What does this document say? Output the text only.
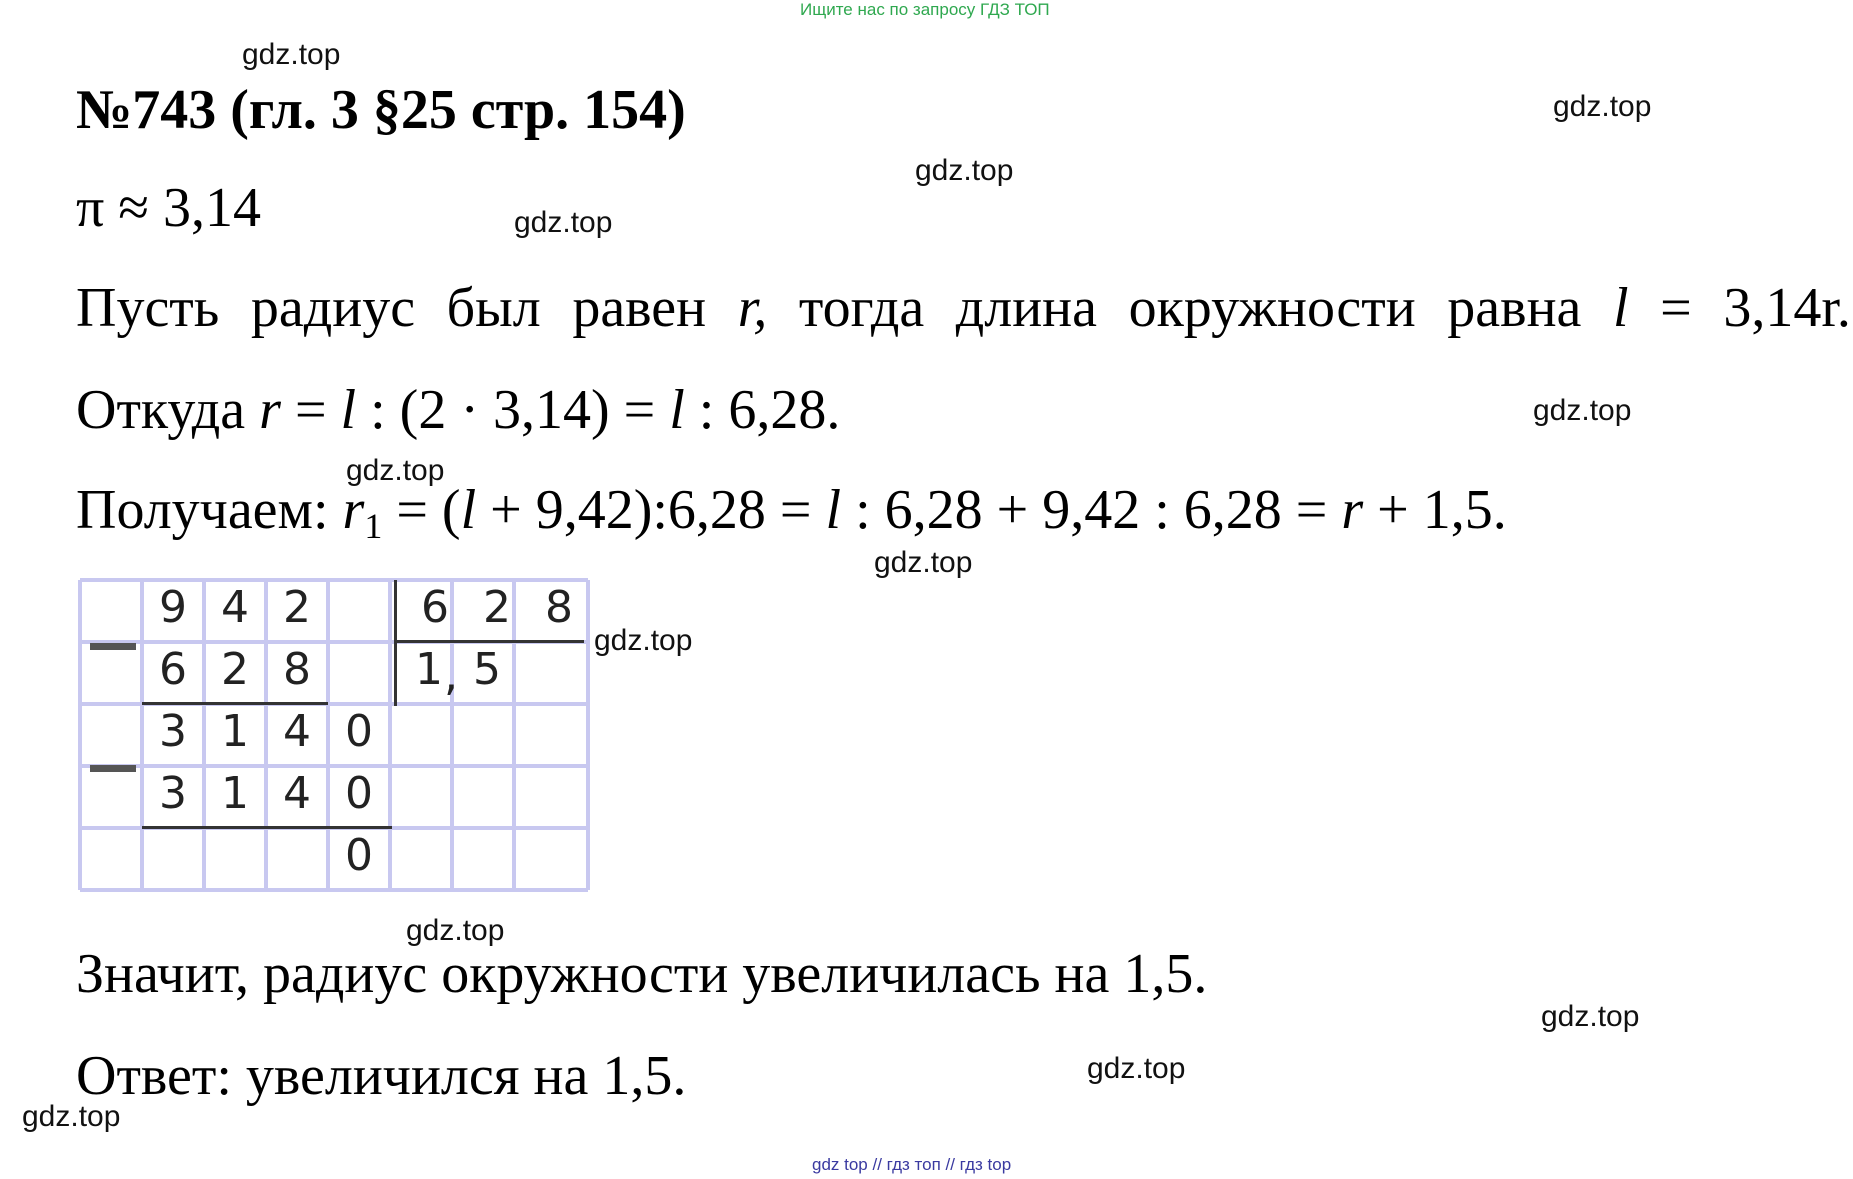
Ищите нас по запросу ГДЗ ТОП
№743 (гл. 3 §25 стр. 154)
π ≈ 3,14
Пусть радиус был равен r, тогда длина окружности равна l = 3,14r.
Откуда r = l : (2 · 3,14) = l : 6,28.
Получаем: $r_1 = (l$ + 9,42):6,28 = l : 6,28 + 9,42 : 6,28 = r + 1,5.
9 4 2	6 2 8
6 2 8	1 , 5
3 1 4 0
3 1 4 0
0
Значит, радиус окружности увеличилась на 1,5.
Ответ: увеличился на 1,5.
gdz.top
gdz.top
gdz.top
gdz.top
gdz.top
gdz.top
gdz.top
gdz.top
gdz.top
gdz.top
gdz.top
gdz.top
gdz top // гдз топ // гдз top
